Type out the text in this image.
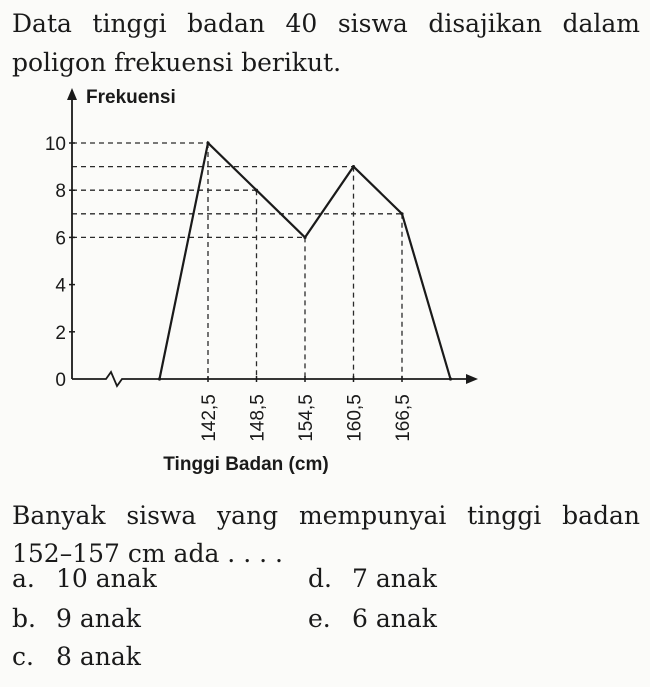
Data tinggi badan 40 siswa disajikan dalam poligon frekuensi berikut.
0
2
4
6
8
10
Frekuensi
142,5 148,5 154,5 160,5 166,5
Tinggi Badan (cm)
Banyak siswa yang mempunyai tinggi badan 152–157 cm ada . . . .
a. 10 anak
b. 9 anak
c. 8 anak
d. 7 anak
e. 6 anak
